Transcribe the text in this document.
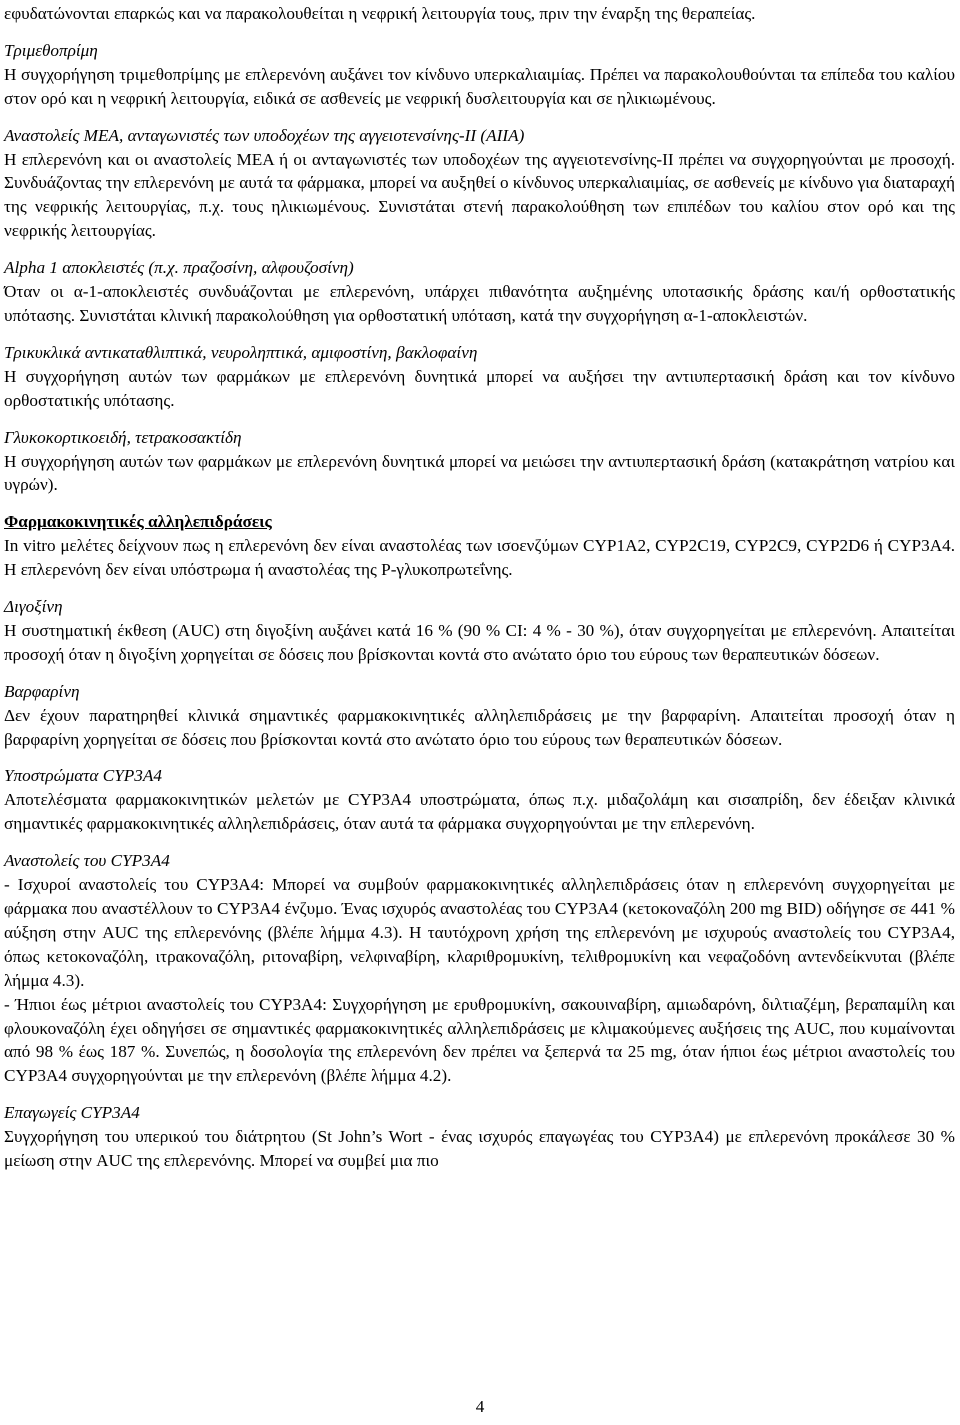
εφυδατώνονται επαρκώς και να παρακολουθείται η νεφρική λειτουργία τους, πριν την έναρξη της θεραπείας.
Τριμεθοπρίμη
Η συγχορήγηση τριμεθοπρίμης με επλερενόνη αυξάνει τον κίνδυνο υπερκαλιαιμίας. Πρέπει να παρακολουθούνται τα επίπεδα του καλίου στον ορό και η νεφρική λειτουργία, ειδικά σε ασθενείς με νεφρική δυσλειτουργία και σε ηλικιωμένους.
Αναστολείς ΜΕΑ, ανταγωνιστές των υποδοχέων της αγγειοτενσίνης-ΙΙ (ΑΙΙΑ)
Η επλερενόνη και οι αναστολείς ΜΕΑ ή οι ανταγωνιστές των υποδοχέων της αγγειοτενσίνης-ΙΙ πρέπει να συγχορηγούνται με προσοχή. Συνδυάζοντας την επλερενόνη με αυτά τα φάρμακα, μπορεί να αυξηθεί ο κίνδυνος υπερκαλιαιμίας, σε ασθενείς με κίνδυνο για διαταραχή της νεφρικής λειτουργίας, π.χ. τους ηλικιωμένους. Συνιστάται στενή παρακολούθηση των επιπέδων του καλίου στον ορό και της νεφρικής λειτουργίας.
Alpha 1 αποκλειστές (π.χ. πραζοσίνη, αλφουζοσίνη)
Όταν οι α-1-αποκλειστές συνδυάζονται με επλερενόνη, υπάρχει πιθανότητα αυξημένης υποτασικής δράσης και/ή ορθοστατικής υπότασης. Συνιστάται κλινική παρακολούθηση για ορθοστατική υπόταση, κατά την συγχορήγηση α-1-αποκλειστών.
Τρικυκλικά αντικαταθλιπτικά, νευροληπτικά, αμιφοστίνη, βακλοφαίνη
Η συγχορήγηση αυτών των φαρμάκων με επλερενόνη δυνητικά μπορεί να αυξήσει την αντιυπερτασική δράση και τον κίνδυνο ορθοστατικής υπότασης.
Γλυκοκορτικοειδή, τετρακοσακτίδη
Η συγχορήγηση αυτών των φαρμάκων με επλερενόνη δυνητικά μπορεί να μειώσει την αντιυπερτασική δράση (κατακράτηση νατρίου και υγρών).
Φαρμακοκινητικές αλληλεπιδράσεις
In vitro μελέτες δείχνουν πως η επλερενόνη δεν είναι αναστολέας των ισοενζύμων CYP1A2, CYP2C19, CYP2C9, CYP2D6 ή CYP3A4. Η επλερενόνη δεν είναι υπόστρωμα ή αναστολέας της P-γλυκοπρωτεΐνης.
Διγοξίνη
Η συστηματική έκθεση (AUC) στη διγοξίνη αυξάνει κατά 16 % (90 % CI: 4 % - 30 %), όταν συγχορηγείται με επλερενόνη. Απαιτείται προσοχή όταν η διγοξίνη χορηγείται σε δόσεις που βρίσκονται κοντά στο ανώτατο όριο του εύρους των θεραπευτικών δόσεων.
Βαρφαρίνη
Δεν έχουν παρατηρηθεί κλινικά σημαντικές φαρμακοκινητικές αλληλεπιδράσεις με την βαρφαρίνη. Απαιτείται προσοχή όταν η βαρφαρίνη χορηγείται σε δόσεις που βρίσκονται κοντά στο ανώτατο όριο του εύρους των θεραπευτικών δόσεων.
Υποστρώματα CYP3A4
Αποτελέσματα φαρμακοκινητικών μελετών με CYP3A4 υποστρώματα, όπως π.χ. μιδαζολάμη και σισαπρίδη, δεν έδειξαν κλινικά σημαντικές φαρμακοκινητικές αλληλεπιδράσεις, όταν αυτά τα φάρμακα συγχορηγούνται με την επλερενόνη.
Αναστολείς του CYP3A4
- Ισχυροί αναστολείς του CYP3A4: Μπορεί να συμβούν φαρμακοκινητικές αλληλεπιδράσεις όταν η επλερενόνη συγχορηγείται με φάρμακα που αναστέλλουν το CYP3A4 ένζυμο. Ένας ισχυρός αναστολέας του CYP3A4 (κετοκοναζόλη 200 mg BID) οδήγησε σε 441 % αύξηση στην AUC της επλερενόνης (βλέπε λήμμα 4.3). Η ταυτόχρονη χρήση της επλερενόνη με ισχυρούς αναστολείς του CYP3A4, όπως κετοκοναζόλη, ιτρακοναζόλη, ριτοναβίρη, νελφιναβίρη, κλαριθρομυκίνη, τελιθρομυκίνη και νεφαζοδόνη αντενδείκνυται (βλέπε λήμμα 4.3).
- Ήπιοι έως μέτριοι αναστολείς του CYP3A4: Συγχορήγηση με ερυθρομυκίνη, σακουιναβίρη, αμιωδαρόνη, διλτιαζέμη, βεραπαμίλη και φλουκοναζόλη έχει οδηγήσει σε σημαντικές φαρμακοκινητικές αλληλεπιδράσεις με κλιμακούμενες αυξήσεις της AUC, που κυμαίνονται από 98 % έως 187 %. Συνεπώς, η δοσολογία της επλερενόνη δεν πρέπει να ξεπερνά τα 25 mg, όταν ήπιοι έως μέτριοι αναστολείς του CYP3A4 συγχορηγούνται με την επλερενόνη (βλέπε λήμμα 4.2).
Επαγωγείς CYP3A4
Συγχορήγηση του υπερικού του διάτρητου (St John’s Wort - ένας ισχυρός επαγωγέας του CYP3A4) με επλερενόνη προκάλεσε 30 % μείωση στην AUC της επλερενόνης. Μπορεί να συμβεί μια πιο
4
